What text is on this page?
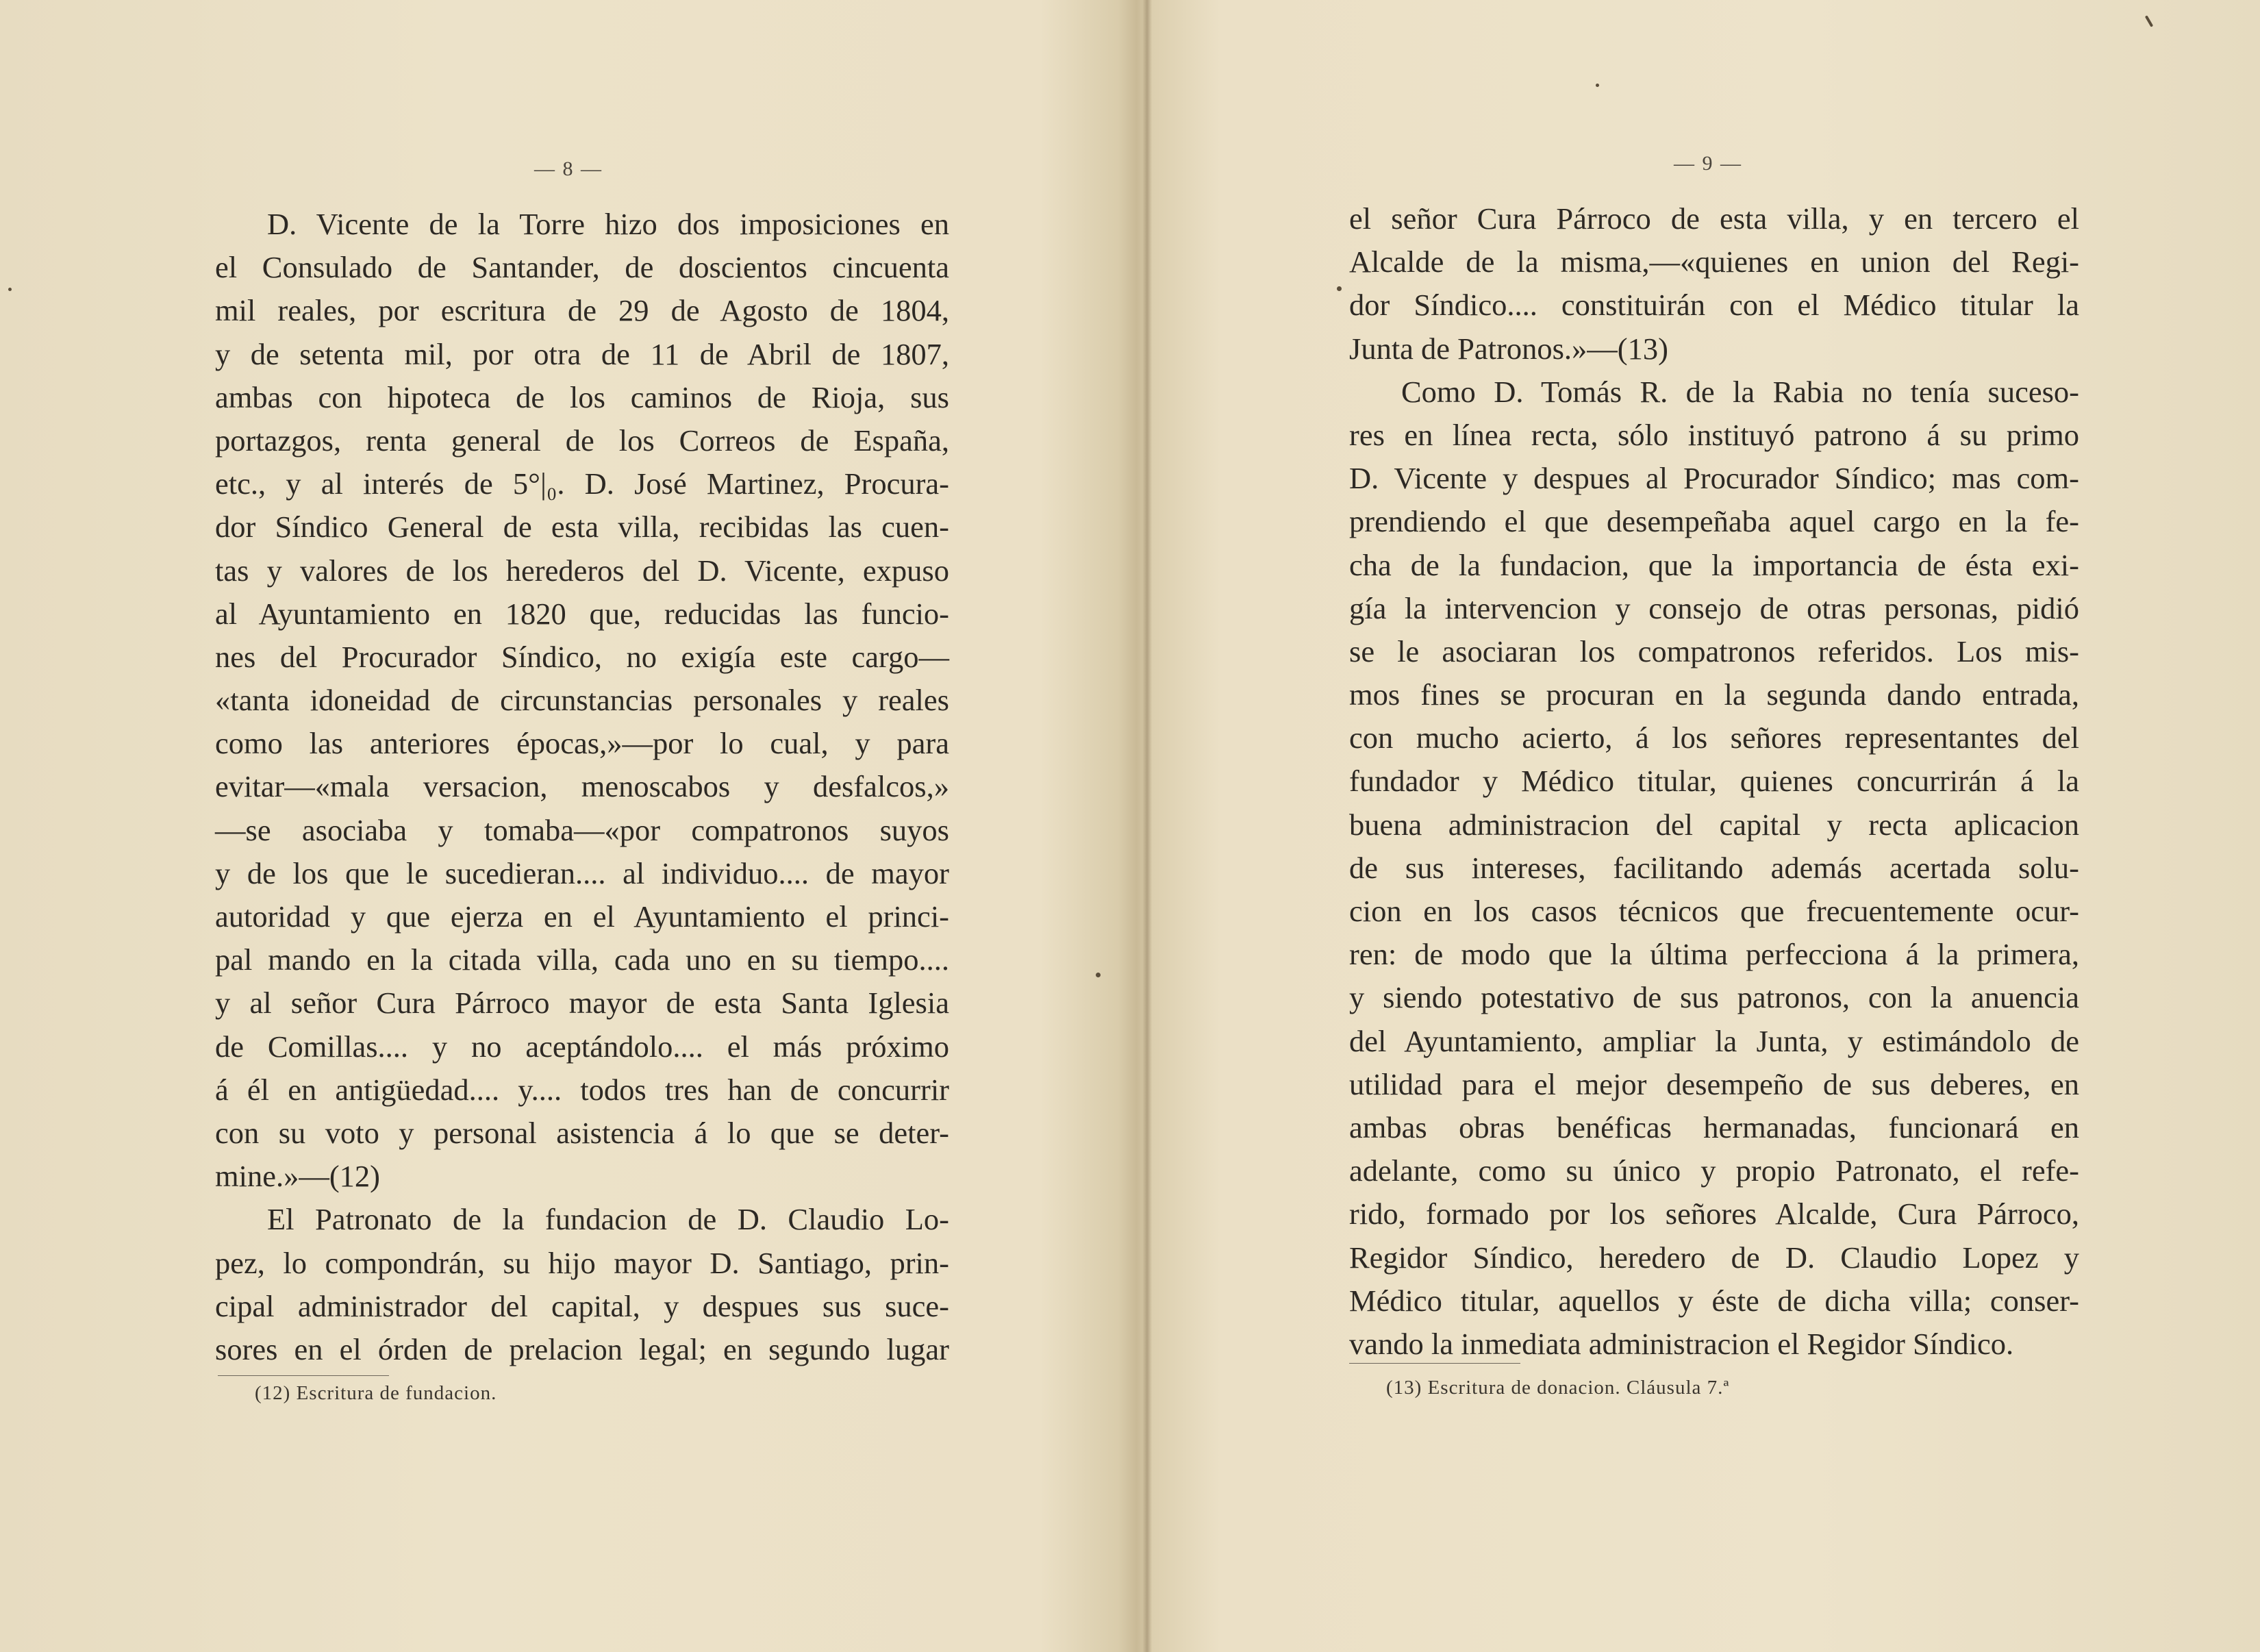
— 8 —
D. Vicente de la Torre hizo dos imposiciones en
el Consulado de Santander, de doscientos cincuenta
mil reales, por escritura de 29 de Agosto de 1804,
y de setenta mil, por otra de 11 de Abril de 1807,
ambas con hipoteca de los caminos de Rioja, sus
portazgos, renta general de los Correos de España,
etc., y al interés de 5°|₀. D. José Martinez, Procura-
dor Síndico General de esta villa, recibidas las cuen-
tas y valores de los herederos del D. Vicente, expuso
al Ayuntamiento en 1820 que, reducidas las funcio-
nes del Procurador Síndico, no exigía este cargo—
«tanta idoneidad de circunstancias personales y reales
como las anteriores épocas,»—por lo cual, y para
evitar—«mala versacion, menoscabos y desfalcos,»
—se asociaba y tomaba—«por compatronos suyos
y de los que le sucedieran.... al individuo.... de mayor
autoridad y que ejerza en el Ayuntamiento el princi-
pal mando en la citada villa, cada uno en su tiempo....
y al señor Cura Párroco mayor de esta Santa Iglesia
de Comillas.... y no aceptándolo.... el más próximo
á él en antigüedad.... y.... todos tres han de concurrir
con su voto y personal asistencia á lo que se deter-
mine.»—(12)
El Patronato de la fundacion de D. Claudio Lo-
pez, lo compondrán, su hijo mayor D. Santiago, prin-
cipal administrador del capital, y despues sus suce-
sores en el órden de prelacion legal; en segundo lugar
(12) Escritura de fundacion.
— 9 —
el señor Cura Párroco de esta villa, y en tercero el
Alcalde de la misma,—«quienes en union del Regi-
dor Síndico.... constituirán con el Médico titular la
Junta de Patronos.»—(13)
Como D. Tomás R. de la Rabia no tenía suceso-
res en línea recta, sólo instituyó patrono á su primo
D. Vicente y despues al Procurador Síndico; mas com-
prendiendo el que desempeñaba aquel cargo en la fe-
cha de la fundacion, que la importancia de ésta exi-
gía la intervencion y consejo de otras personas, pidió
se le asociaran los compatronos referidos. Los mis-
mos fines se procuran en la segunda dando entrada,
con mucho acierto, á los señores representantes del
fundador y Médico titular, quienes concurrirán á la
buena administracion del capital y recta aplicacion
de sus intereses, facilitando además acertada solu-
cion en los casos técnicos que frecuentemente ocur-
ren: de modo que la última perfecciona á la primera,
y siendo potestativo de sus patronos, con la anuencia
del Ayuntamiento, ampliar la Junta, y estimándolo de
utilidad para el mejor desempeño de sus deberes, en
ambas obras benéficas hermanadas, funcionará en
adelante, como su único y propio Patronato, el refe-
rido, formado por los señores Alcalde, Cura Párroco,
Regidor Síndico, heredero de D. Claudio Lopez y
Médico titular, aquellos y éste de dicha villa; conser-
vando la inmediata administracion el Regidor Síndico.
(13) Escritura de donacion. Cláusula 7.ª
